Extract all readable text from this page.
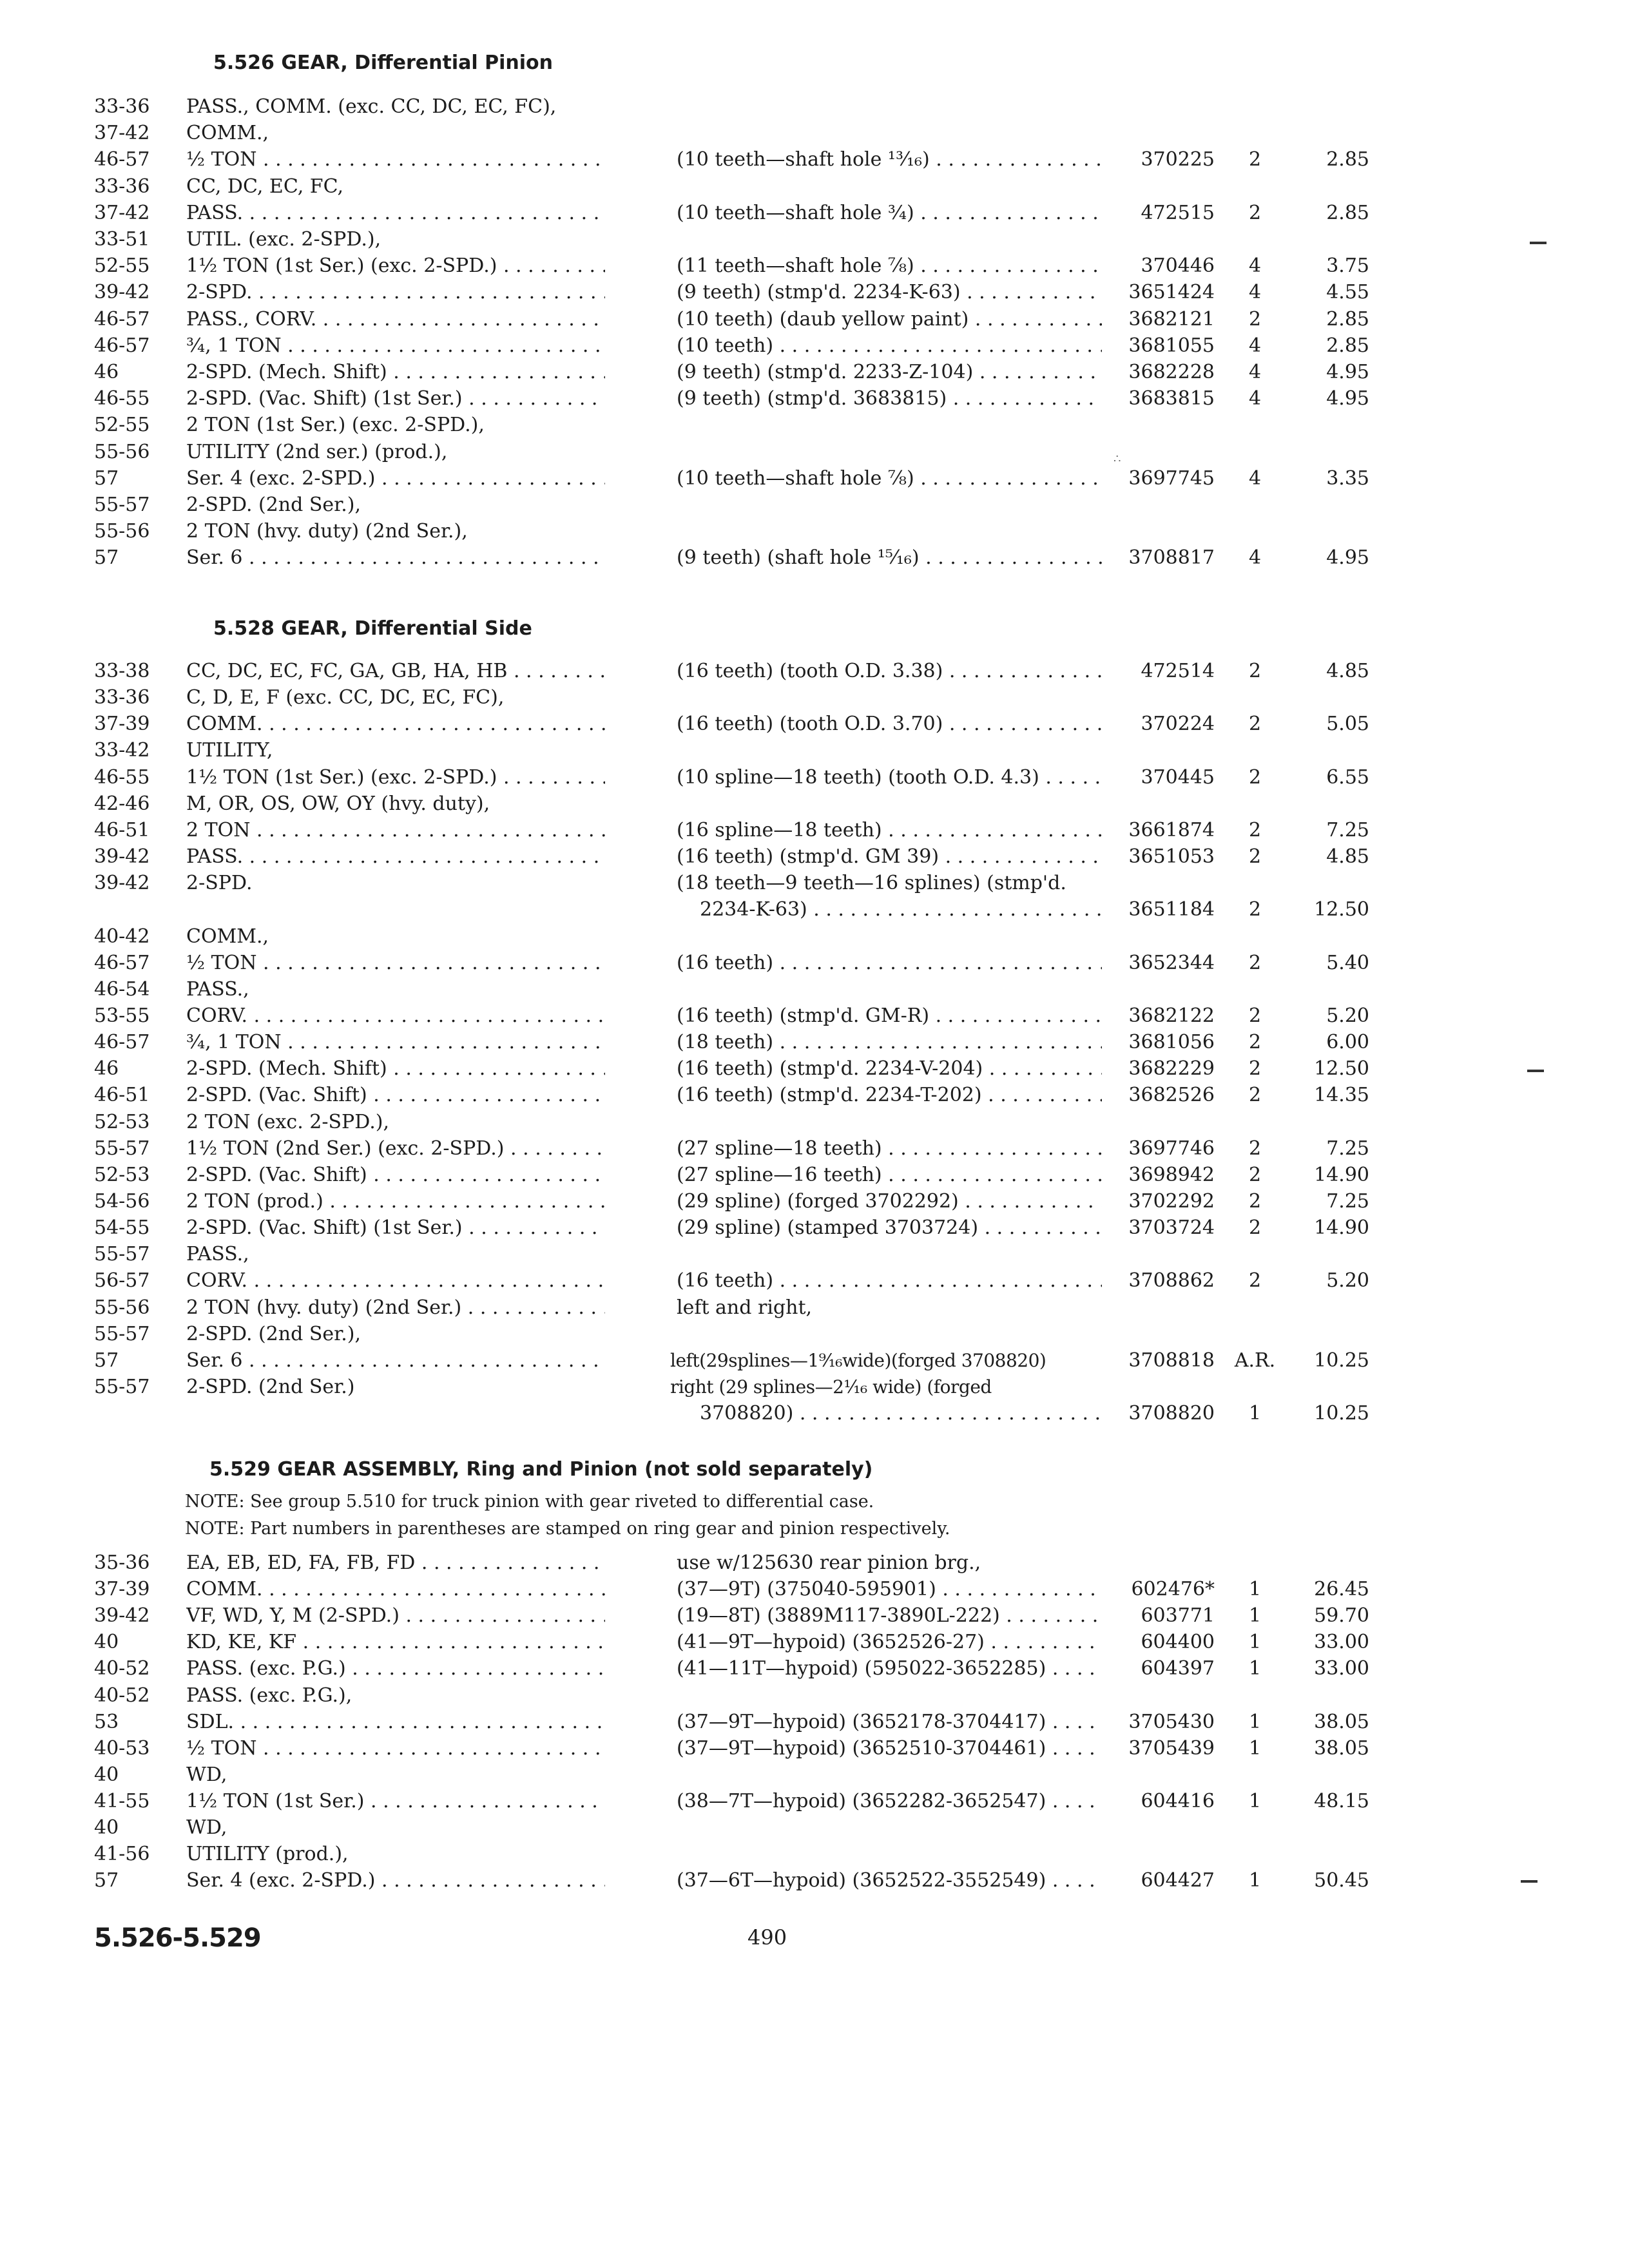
5.526 GEAR, Differential Pinion
33-36	PASS., COMM. (exc. CC, DC, EC, FC),
37-42	COMM.,
46-57	½ TON . . .	(10 teeth—shaft hole ¹³⁄₁₆) . . .	370225	2	2.85
33-36	CC, DC, EC, FC,
37-42	PASS. . . .	(10 teeth—shaft hole ¾) . . .	472515	2	2.85
33-51	UTIL. (exc. 2-SPD.),
52-55	1½ TON (1st Ser.) (exc. 2-SPD.) . . .	(11 teeth—shaft hole ⅞) . . .	370446	4	3.75
39-42	2-SPD. . . .	(9 teeth) (stmp'd. 2234-K-63) . . .	3651424	4	4.55
46-57	PASS., CORV. . . .	(10 teeth) (daub yellow paint) . . .	3682121	2	2.85
46-57	¾, 1 TON . . .	(10 teeth) . . .	3681055	4	2.85
46	2-SPD. (Mech. Shift) . . .	(9 teeth) (stmp'd. 2233-Z-104) . . .	3682228	4	4.95
46-55	2-SPD. (Vac. Shift) (1st Ser.) . . .	(9 teeth) (stmp'd. 3683815) . . .	3683815	4	4.95
52-55	2 TON (1st Ser.) (exc. 2-SPD.),
55-56	UTILITY (2nd ser.) (prod.),
57	Ser. 4 (exc. 2-SPD.) . . .	(10 teeth—shaft hole ⅞) . . .	3697745	4	3.35
55-57	2-SPD. (2nd Ser.),
55-56	2 TON (hvy. duty) (2nd Ser.),
57	Ser. 6 . . .	(9 teeth) (shaft hole ¹⁵⁄₁₆) . . .	3708817	4	4.95
5.528 GEAR, Differential Side
33-38	CC, DC, EC, FC, GA, GB, HA, HB . . .	(16 teeth) (tooth O.D. 3.38) . . .	472514	2	4.85
33-36	C, D, E, F (exc. CC, DC, EC, FC),
37-39	COMM. . . .	(16 teeth) (tooth O.D. 3.70) . . .	370224	2	5.05
33-42	UTILITY,
46-55	1½ TON (1st Ser.) (exc. 2-SPD.) . . .	(10 spline—18 teeth) (tooth O.D. 4.3) . . .	370445	2	6.55
42-46	M, OR, OS, OW, OY (hvy. duty),
46-51	2 TON . . .	(16 spline—18 teeth) . . .	3661874	2	7.25
39-42	PASS. . . .	(16 teeth) (stmp'd. GM 39) . . .	3651053	2	4.85
39-42	2-SPD.	(18 teeth—9 teeth—16 splines) (stmp'd.
2234-K-63) . . .	3651184	2	12.50
40-42	COMM.,
46-57	½ TON . . .	(16 teeth) . . .	3652344	2	5.40
46-54	PASS.,
53-55	CORV. . . .	(16 teeth) (stmp'd. GM-R) . . .	3682122	2	5.20
46-57	¾, 1 TON . . .	(18 teeth) . . .	3681056	2	6.00
46	2-SPD. (Mech. Shift) . . .	(16 teeth) (stmp'd. 2234-V-204) . . .	3682229	2	12.50
46-51	2-SPD. (Vac. Shift) . . .	(16 teeth) (stmp'd. 2234-T-202) . . .	3682526	2	14.35
52-53	2 TON (exc. 2-SPD.),
55-57	1½ TON (2nd Ser.) (exc. 2-SPD.) . . .	(27 spline—18 teeth) . . .	3697746	2	7.25
52-53	2-SPD. (Vac. Shift) . . .	(27 spline—16 teeth) . . .	3698942	2	14.90
54-56	2 TON (prod.) . . .	(29 spline) (forged 3702292) . . .	3702292	2	7.25
54-55	2-SPD. (Vac. Shift) (1st Ser.) . . .	(29 spline) (stamped 3703724) . . .	3703724	2	14.90
55-57	PASS.,
56-57	CORV. . . .	(16 teeth) . . .	3708862	2	5.20
55-56	2 TON (hvy. duty) (2nd Ser.) . . .	left and right,
55-57	2-SPD. (2nd Ser.),
57	Ser. 6 . . .	left(29splines—1⁹⁄₁₆wide)(forged 3708820)	3708818	A.R.	10.25
55-57	2-SPD. (2nd Ser.)	right (29 splines—2¹⁄₁₆ wide) (forged
3708820) . . .	3708820	1	10.25
5.529 GEAR ASSEMBLY, Ring and Pinion (not sold separately)
NOTE: See group 5.510 for truck pinion with gear riveted to differential case.
NOTE: Part numbers in parentheses are stamped on ring gear and pinion respectively.
35-36	EA, EB, ED, FA, FB, FD . . .	use w/125630 rear pinion brg.,
37-39	COMM. . . .	(37—9T) (375040-595901) . . .	602476*	1	26.45
39-42	VF, WD, Y, M (2-SPD.) . . .	(19—8T) (3889M117-3890L-222) . . .	603771	1	59.70
40	KD, KE, KF . . .	(41—9T—hypoid) (3652526-27) . . .	604400	1	33.00
40-52	PASS. (exc. P.G.) . . .	(41—11T—hypoid) (595022-3652285) . . .	604397	1	33.00
40-52	PASS. (exc. P.G.),
53	SDL. . . .	(37—9T—hypoid) (3652178-3704417) . . .	3705430	1	38.05
40-53	½ TON . . .	(37—9T—hypoid) (3652510-3704461) . . .	3705439	1	38.05
40	WD,
41-55	1½ TON (1st Ser.) . . .	(38—7T—hypoid) (3652282-3652547) . . .	604416	1	48.15
40	WD,
41-56	UTILITY (prod.),
57	Ser. 4 (exc. 2-SPD.) . . .	(37—6T—hypoid) (3652522-3552549) . . .	604427	1	50.45
5.526-5.529	490
∴
